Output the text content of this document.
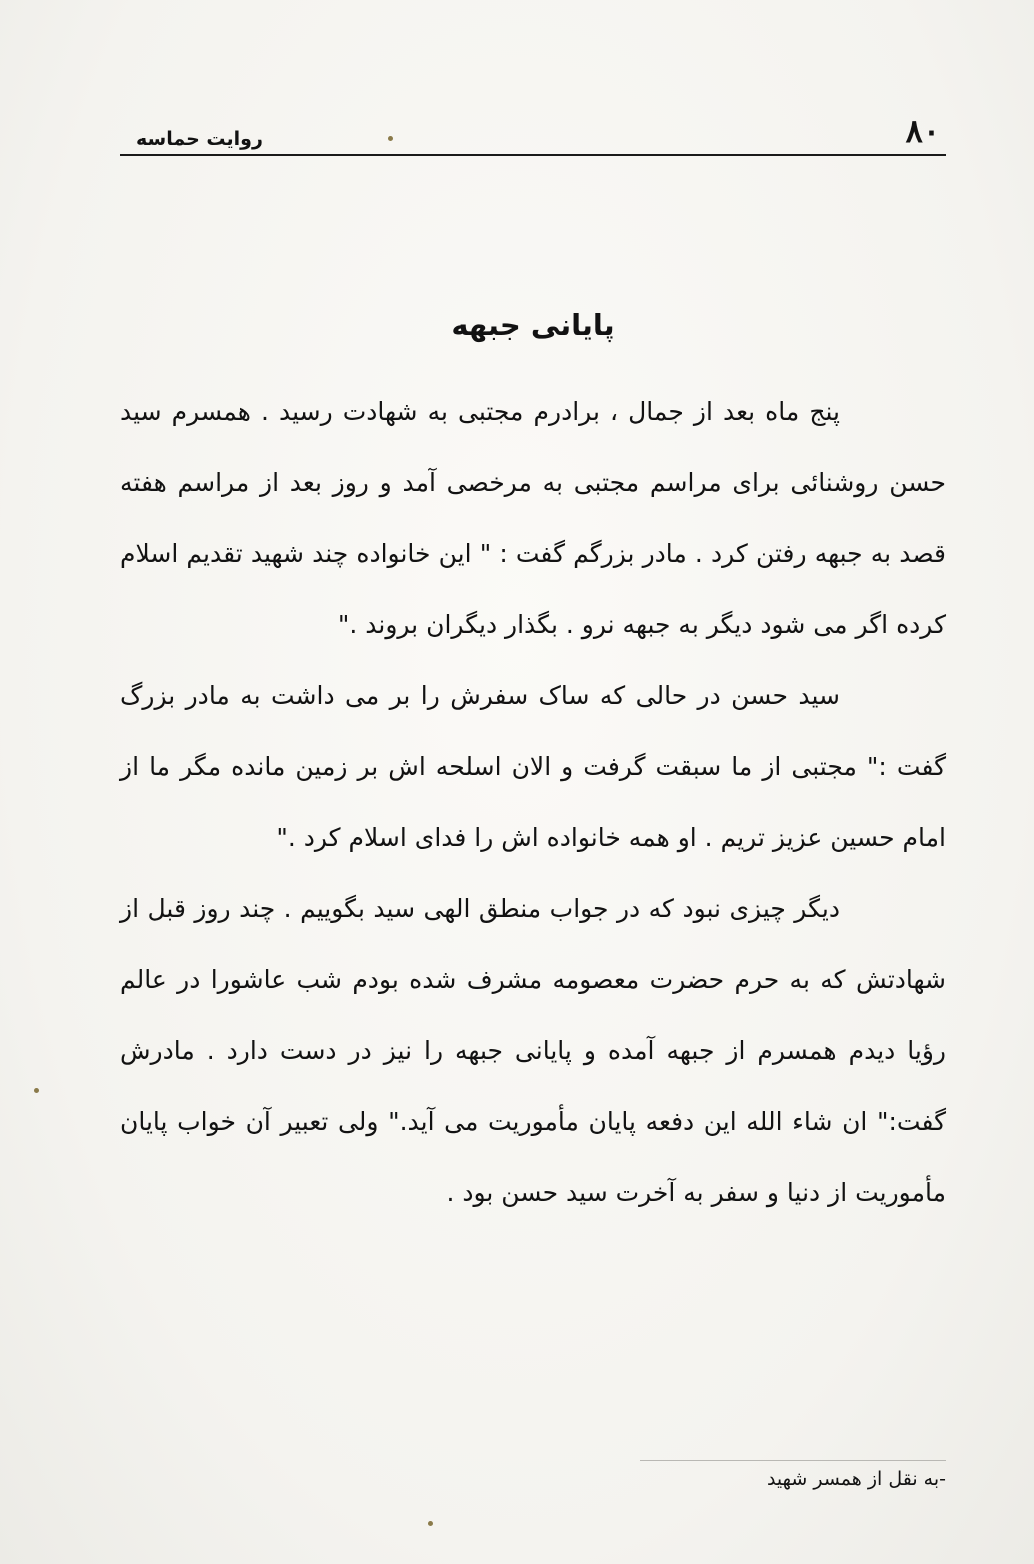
۸۰
روایت حماسه
پایانی جبهه

پنج ماه بعد از جمال ، برادرم مجتبی به شهادت رسید . همسرم سید حسن روشنائی برای مراسم مجتبی به مرخصی آمد و روز بعد از مراسم هفته قصد به جبهه رفتن کرد . مادر بزرگم گفت : " این خانواده چند شهید تقدیم اسلام کرده اگر می شود دیگر به جبهه نرو . بگذار دیگران بروند ."

سید حسن در حالی که ساک سفرش را بر می داشت به مادر بزرگ گفت :" مجتبی از ما سبقت گرفت و الان اسلحه اش بر زمین مانده مگر ما از امام حسین عزیز تریم . او همه خانواده اش را فدای اسلام کرد ."

دیگر چیزی نبود که در جواب منطق الهی سید بگوییم . چند روز قبل از شهادتش که به حرم حضرت معصومه مشرف شده بودم شب عاشورا در عالم رؤیا دیدم همسرم از جبهه آمده و پایانی جبهه را نیز در دست دارد . مادرش گفت:" ان شاء الله این دفعه پایان مأموریت می آید." ولی تعبیر آن خواب پایان مأموریت از دنیا و سفر به آخرت سید حسن بود .

-به نقل از همسر شهید
